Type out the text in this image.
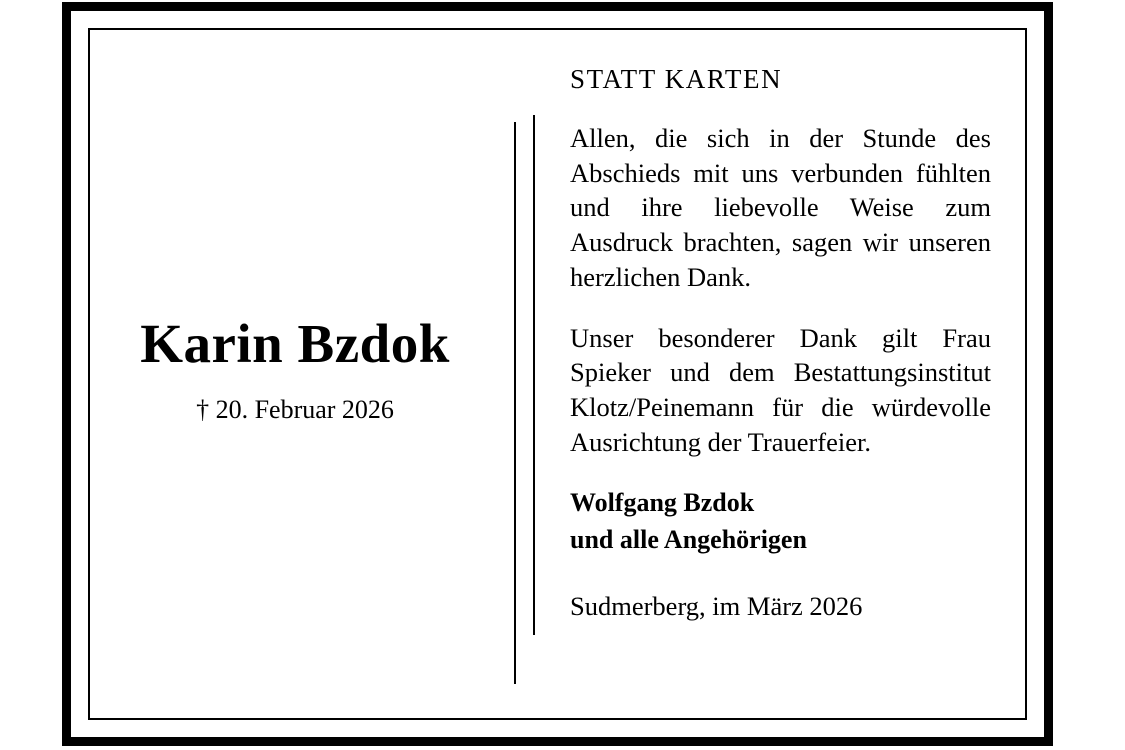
Karin Bzdok
† 20. Februar 2026
STATT KARTEN
Allen, die sich in der Stunde des Abschieds mit uns verbunden fühlten und ihre liebevolle Weise zum Ausdruck brachten, sagen wir unseren herzlichen Dank.
Unser besonderer Dank gilt Frau Spieker und dem Bestattungsinstitut Klotz/Peinemann für die würdevolle Ausrichtung der Trauerfeier.
Wolfgang Bzdok
und alle Angehörigen
Sudmerberg, im März 2026
